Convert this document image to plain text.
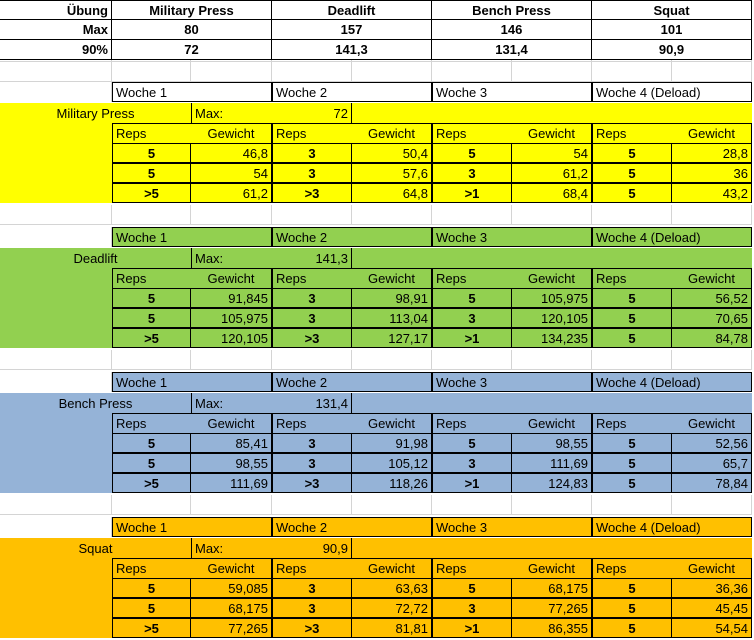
Übung	Military Press	Deadlift	Bench Press	Squat
Max	80	157	146	101
90%	72	141,3	131,4	90,9
Woche 1	Woche 2	Woche 3	Woche 4 (Deload)
Military Press	Max:	72
Reps	Gewicht	Reps	Gewicht	Reps	Gewicht	Reps	Gewicht
5	46,8	3	50,4	5	54	5	28,8
5	54	3	57,6	3	61,2	5	36
>5	61,2	>3	64,8	>1	68,4	5	43,2
Woche 1	Woche 2	Woche 3	Woche 4 (Deload)
Deadlift	Max:	141,3
Reps	Gewicht	Reps	Gewicht	Reps	Gewicht	Reps	Gewicht
5	91,845	3	98,91	5	105,975	5	56,52
5	105,975	3	113,04	3	120,105	5	70,65
>5	120,105	>3	127,17	>1	134,235	5	84,78
Woche 1	Woche 2	Woche 3	Woche 4 (Deload)
Bench Press	Max:	131,4
Reps	Gewicht	Reps	Gewicht	Reps	Gewicht	Reps	Gewicht
5	85,41	3	91,98	5	98,55	5	52,56
5	98,55	3	105,12	3	111,69	5	65,7
>5	111,69	>3	118,26	>1	124,83	5	78,84
Woche 1	Woche 2	Woche 3	Woche 4 (Deload)
Squat	Max:	90,9
Reps	Gewicht	Reps	Gewicht	Reps	Gewicht	Reps	Gewicht
5	59,085	3	63,63	5	68,175	5	36,36
5	68,175	3	72,72	3	77,265	5	45,45
>5	77,265	>3	81,81	>1	86,355	5	54,54
